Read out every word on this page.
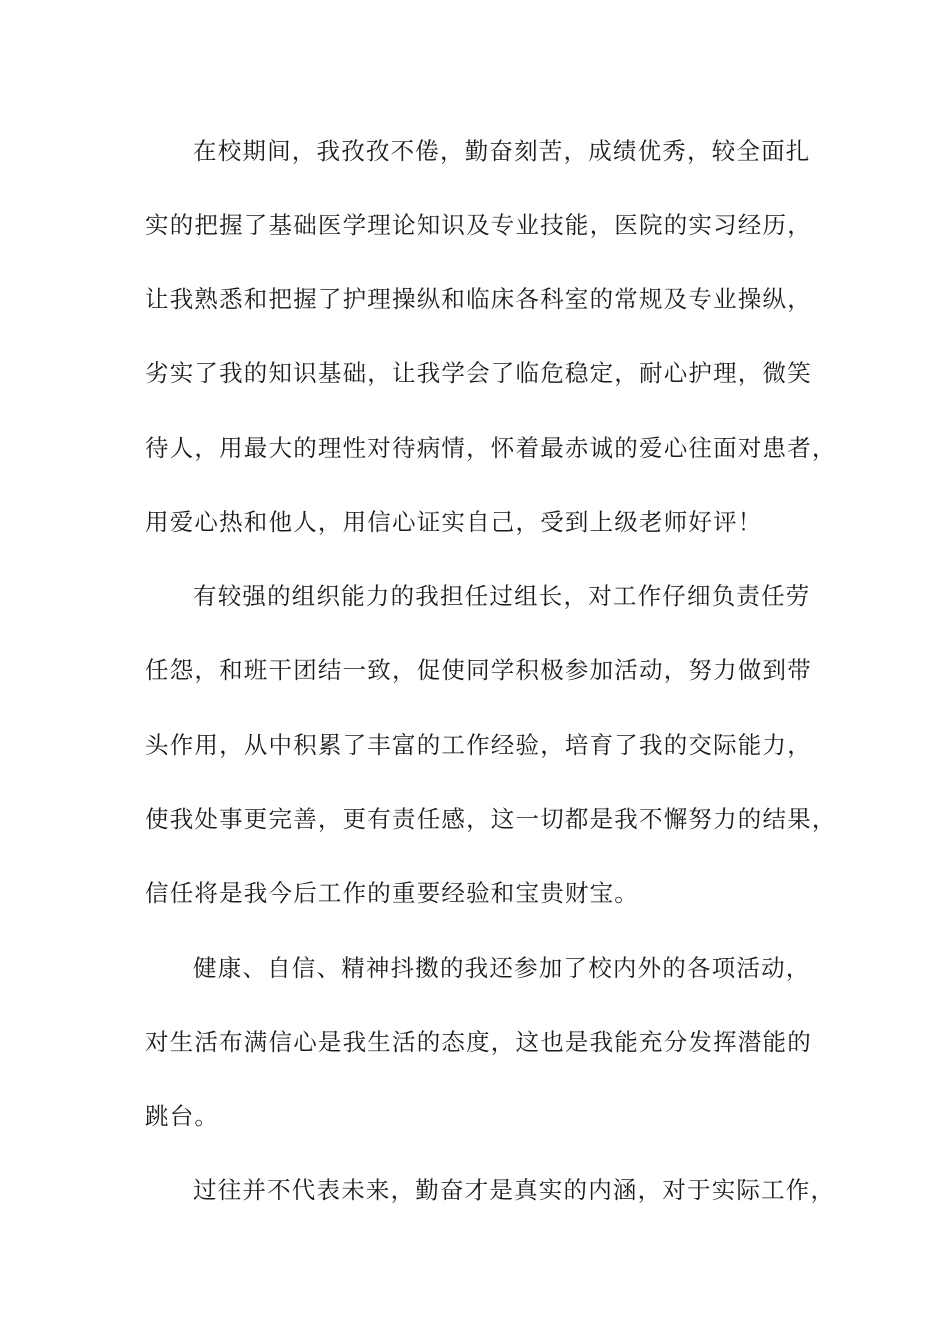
在校期间，我孜孜不倦，勤奋刻苦，成绩优秀，较全面扎
实的把握了基础医学理论知识及专业技能，医院的实习经历，
让我熟悉和把握了护理操纵和临床各科室的常规及专业操纵，
劣实了我的知识基础，让我学会了临危稳定，耐心护理，微笑
待人，用最大的理性对待病情，怀着最赤诚的爱心往面对患者，
用爱心热和他人，用信心证实自己，受到上级老师好评！
有较强的组织能力的我担任过组长，对工作仔细负责任劳
任怨，和班干团结一致，促使同学积极参加活动，努力做到带
头作用，从中积累了丰富的工作经验，培育了我的交际能力，
使我处事更完善，更有责任感，这一切都是我不懈努力的结果，
信任将是我今后工作的重要经验和宝贵财宝。
健康、自信、精神抖擞的我还参加了校内外的各项活动，
对生活布满信心是我生活的态度，这也是我能充分发挥潜能的
跳台。
过往并不代表未来，勤奋才是真实的内涵，对于实际工作，
